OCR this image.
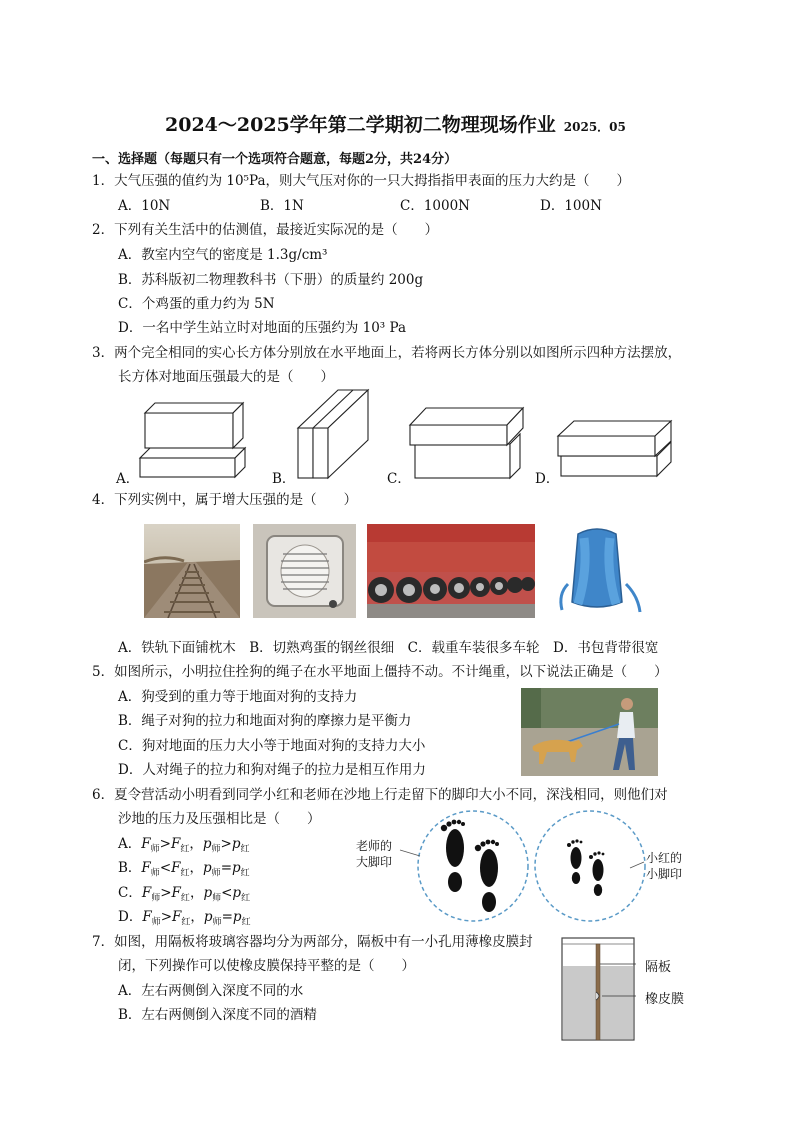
2024～2025学年第二学期初二物理现场作业 2025．05
一、选择题（每题只有一个选项符合题意，每题2分，共24分）
1．大气压强的值约为 10⁵Pa，则大气压对你的一只大拇指指甲表面的压力大约是（　　）
A．10N	B．1N	C．1000N	D．100N
2．下列有关生活中的估测值，最接近实际况的是（　　）
A．教室内空气的密度是 1.3g/cm³
B．苏科版初二物理教科书（下册）的质量约 200g
C．个鸡蛋的重力约为 5N
D．一名中学生站立时对地面的压强约为 10³ Pa
3．两个完全相同的实心长方体分别放在水平地面上，若将两长方体分别以如图所示四种方法摆放，
长方体对地面压强最大的是（　　）
A．	B．	C．	D．
4．下列实例中，属于增大压强的是（　　）
A．铁轨下面铺枕木　B．切熟鸡蛋的钢丝很细　C．载重车装很多车轮　D．书包背带很宽
5．如图所示，小明拉住拴狗的绳子在水平地面上僵持不动。不计绳重，以下说法正确是（　　）
A．狗受到的重力等于地面对狗的支持力
B．绳子对狗的拉力和地面对狗的摩擦力是平衡力
C．狗对地面的压力大小等于地面对狗的支持力大小
D．人对绳子的拉力和狗对绳子的拉力是相互作用力
6．夏令营活动小明看到同学小红和老师在沙地上行走留下的脚印大小不同，深浅相同，则他们对
沙地的压力及压强相比是（　　）
A．$F_师>F_红$，$p_师>p_红$
B．$F_师<F_红$，$p_师=p_红$
C．$F_师>F_红$，$p_师<p_红$
D．$F_师>F_红$，$p_师=p_红$
老师的
大脚印	小红的
小脚印
7．如图，用隔板将玻璃容器均分为两部分，隔板中有一小孔用薄橡皮膜封
闭，下列操作可以使橡皮膜保持平整的是（　　）
A．左右两侧倒入深度不同的水
B．左右两侧倒入深度不同的酒精
隔板
橡皮膜
